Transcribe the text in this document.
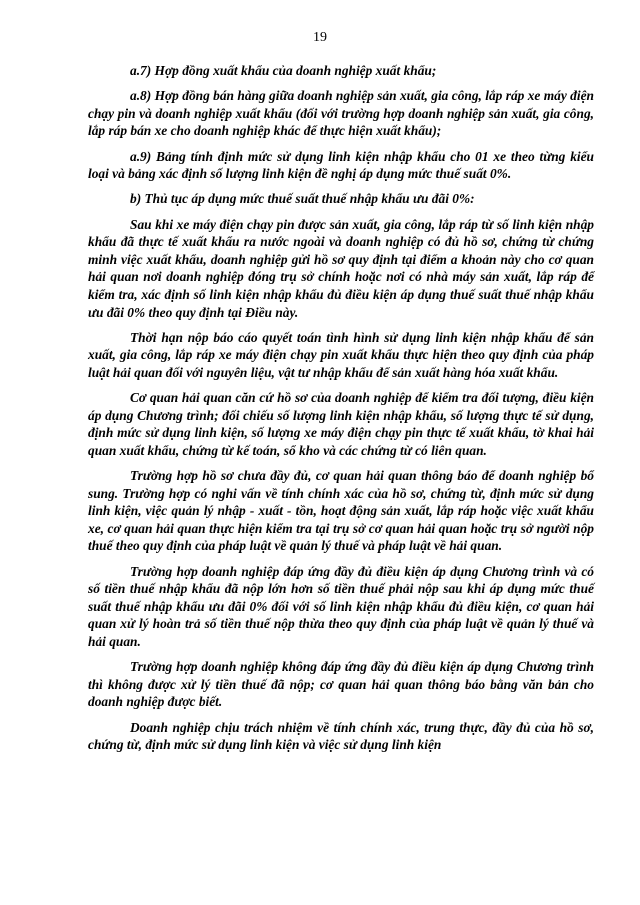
19

a.7) Hợp đồng xuất khẩu của doanh nghiệp xuất khẩu;

a.8) Hợp đồng bán hàng giữa doanh nghiệp sản xuất, gia công, lắp ráp xe máy điện chạy pin và doanh nghiệp xuất khẩu (đối với trường hợp doanh nghiệp sản xuất, gia công, lắp ráp bán xe cho doanh nghiệp khác để thực hiện xuất khẩu);

a.9) Bảng tính định mức sử dụng linh kiện nhập khẩu cho 01 xe theo từng kiểu loại và bảng xác định số lượng linh kiện đề nghị áp dụng mức thuế suất 0%.

b) Thủ tục áp dụng mức thuế suất thuế nhập khẩu ưu đãi 0%:

Sau khi xe máy điện chạy pin được sản xuất, gia công, lắp ráp từ số linh kiện nhập khẩu đã thực tế xuất khẩu ra nước ngoài và doanh nghiệp có đủ hồ sơ, chứng từ chứng minh việc xuất khẩu, doanh nghiệp gửi hồ sơ quy định tại điểm a khoản này cho cơ quan hải quan nơi doanh nghiệp đóng trụ sở chính hoặc nơi có nhà máy sản xuất, lắp ráp để kiểm tra, xác định số linh kiện nhập khẩu đủ điều kiện áp dụng thuế suất thuế nhập khẩu ưu đãi 0% theo quy định tại Điều này.

Thời hạn nộp báo cáo quyết toán tình hình sử dụng linh kiện nhập khẩu để sản xuất, gia công, lắp ráp xe máy điện chạy pin xuất khẩu thực hiện theo quy định của pháp luật hải quan đối với nguyên liệu, vật tư nhập khẩu để sản xuất hàng hóa xuất khẩu.

Cơ quan hải quan căn cứ hồ sơ của doanh nghiệp để kiểm tra đối tượng, điều kiện áp dụng Chương trình; đối chiếu số lượng linh kiện nhập khẩu, số lượng thực tế sử dụng, định mức sử dụng linh kiện, số lượng xe máy điện chạy pin thực tế xuất khẩu, tờ khai hải quan xuất khẩu, chứng từ kế toán, sổ kho và các chứng từ có liên quan.

Trường hợp hồ sơ chưa đầy đủ, cơ quan hải quan thông báo để doanh nghiệp bổ sung. Trường hợp có nghi vấn về tính chính xác của hồ sơ, chứng từ, định mức sử dụng linh kiện, việc quản lý nhập - xuất - tồn, hoạt động sản xuất, lắp ráp hoặc việc xuất khẩu xe, cơ quan hải quan thực hiện kiểm tra tại trụ sở cơ quan hải quan hoặc trụ sở người nộp thuế theo quy định của pháp luật về quản lý thuế và pháp luật về hải quan.

Trường hợp doanh nghiệp đáp ứng đầy đủ điều kiện áp dụng Chương trình và có số tiền thuế nhập khẩu đã nộp lớn hơn số tiền thuế phải nộp sau khi áp dụng mức thuế suất thuế nhập khẩu ưu đãi 0% đối với số linh kiện nhập khẩu đủ điều kiện, cơ quan hải quan xử lý hoàn trả số tiền thuế nộp thừa theo quy định của pháp luật về quản lý thuế và hải quan.

Trường hợp doanh nghiệp không đáp ứng đầy đủ điều kiện áp dụng Chương trình thì không được xử lý tiền thuế đã nộp; cơ quan hải quan thông báo bằng văn bản cho doanh nghiệp được biết.

Doanh nghiệp chịu trách nhiệm về tính chính xác, trung thực, đầy đủ của hồ sơ, chứng từ, định mức sử dụng linh kiện và việc sử dụng linh kiện
